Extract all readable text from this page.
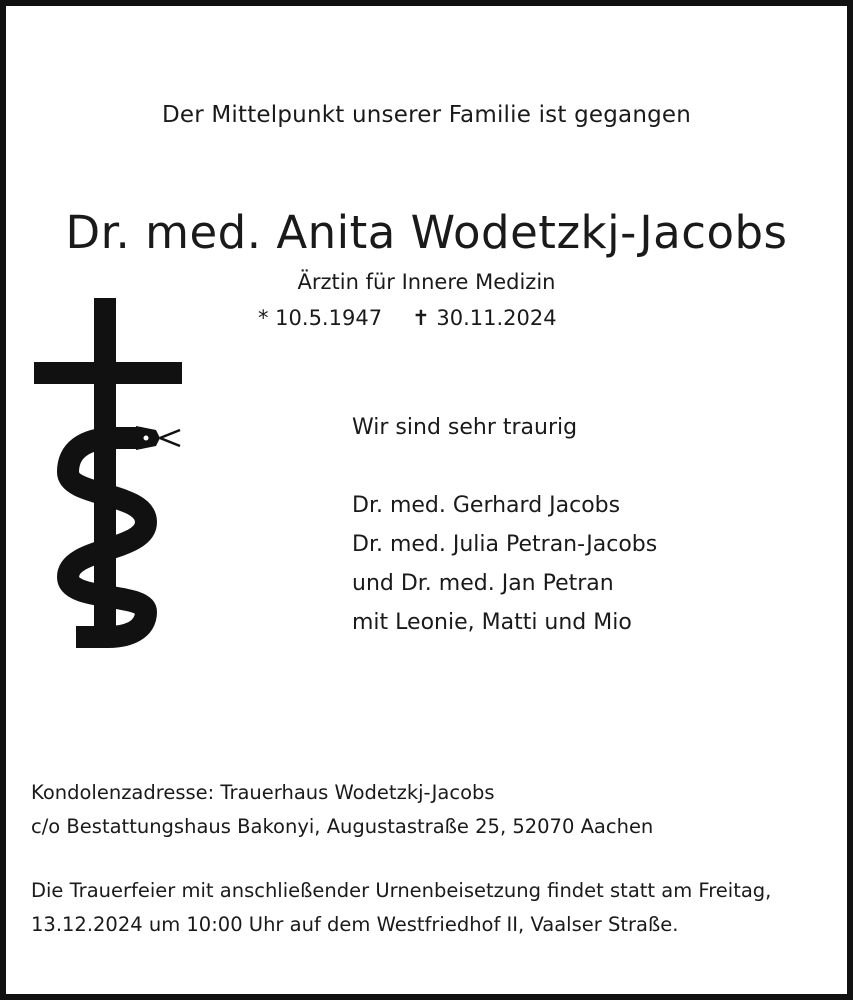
Der Mittelpunkt unserer Familie ist gegangen
Dr. med. Anita Wodetzkj-Jacobs
Ärztin für Innere Medizin
* 10.5.1947 ✝ 30.11.2024
Wir sind sehr traurig
Dr. med. Gerhard Jacobs
Dr. med. Julia Petran-Jacobs
und Dr. med. Jan Petran
mit Leonie, Matti und Mio
Kondolenzadresse: Trauerhaus Wodetzkj-Jacobs
c/o Bestattungshaus Bakonyi, Augustastraße 25, 52070 Aachen
Die Trauerfeier mit anschließender Urnenbeisetzung findet statt am Freitag, 13.12.2024 um 10:00 Uhr auf dem Westfriedhof II, Vaalser Straße.
